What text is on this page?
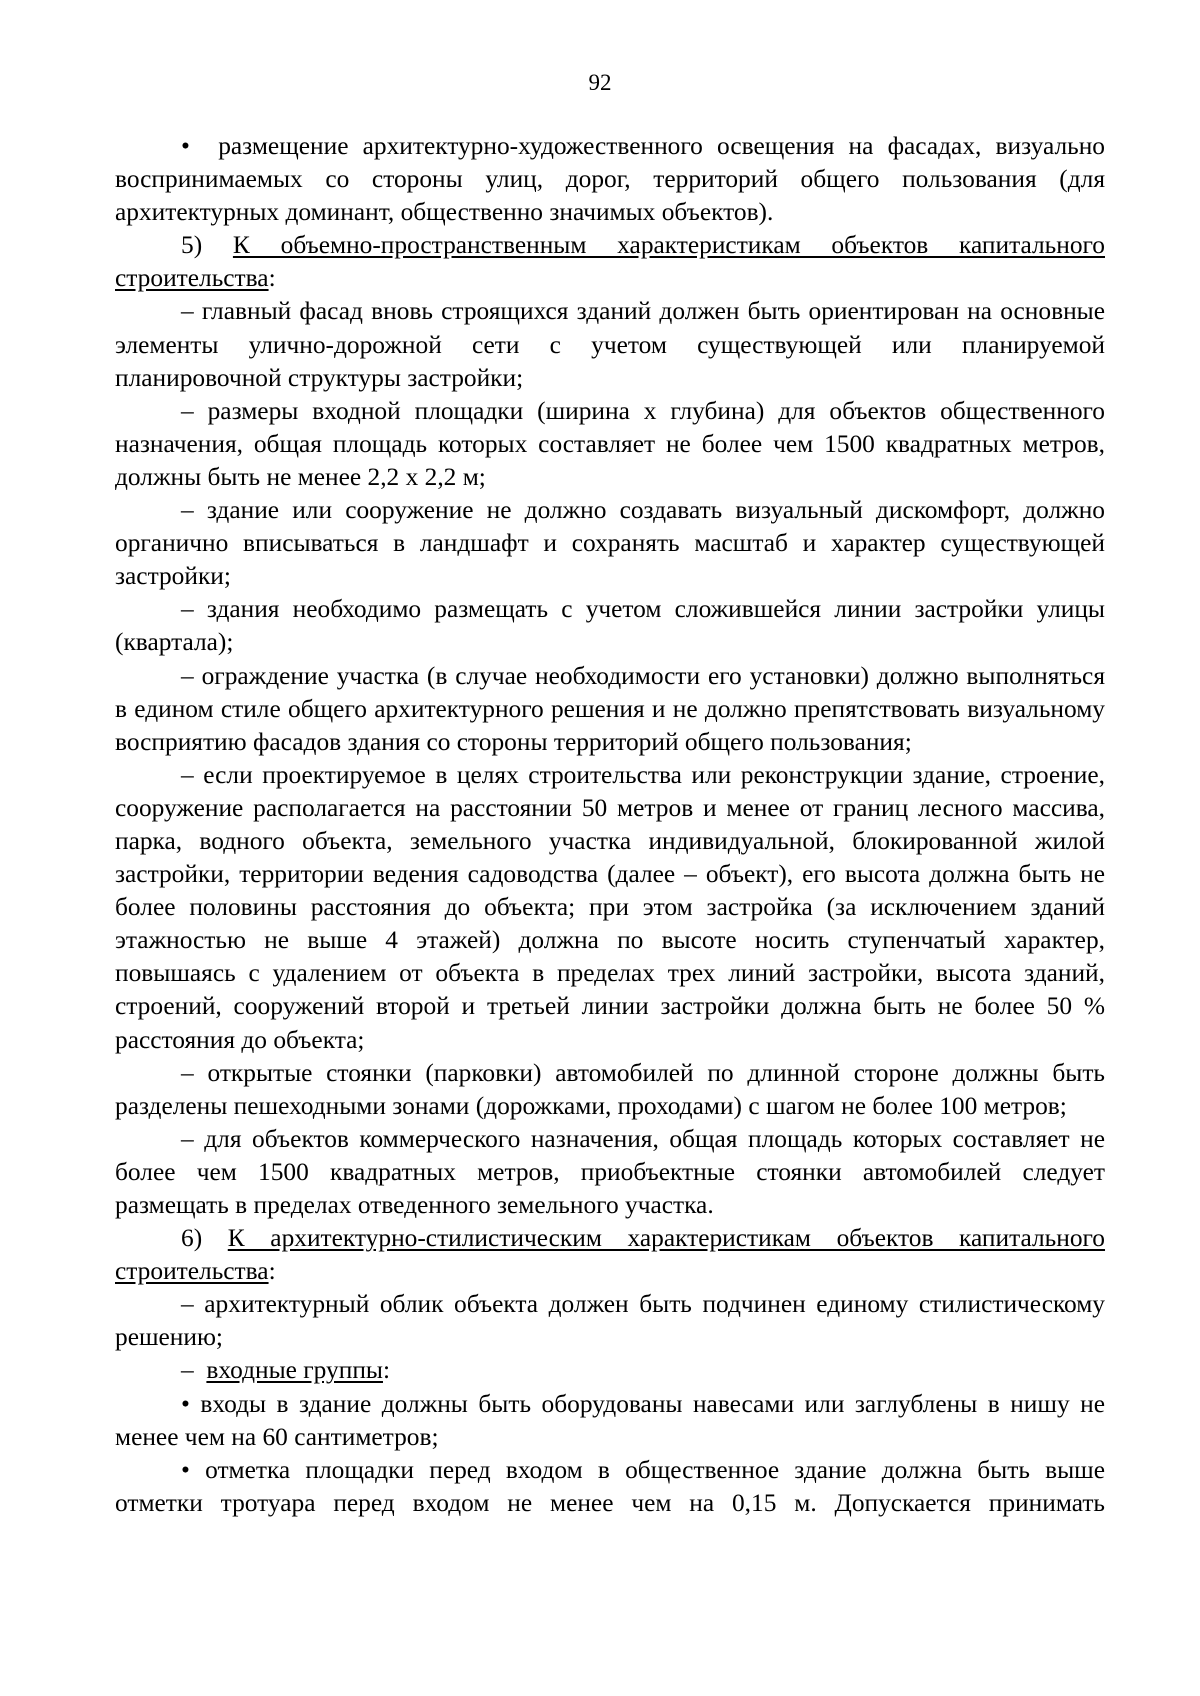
92

• размещение архитектурно-художественного освещения на фасадах, визуально воспринимаемых со стороны улиц, дорог, территорий общего пользования (для архитектурных доминант, общественно значимых объектов).

5) К объемно-пространственным характеристикам объектов капитального строительства:

– главный фасад вновь строящихся зданий должен быть ориентирован на основные элементы улично-дорожной сети с учетом существующей или планируемой планировочной структуры застройки;

– размеры входной площадки (ширина х глубина) для объектов общественного назначения, общая площадь которых составляет не более чем 1500 квадратных метров, должны быть не менее 2,2 х 2,2 м;

– здание или сооружение не должно создавать визуальный дискомфорт, должно органично вписываться в ландшафт и сохранять масштаб и характер существующей застройки;

– здания необходимо размещать с учетом сложившейся линии застройки улицы (квартала);

– ограждение участка (в случае необходимости его установки) должно выполняться в едином стиле общего архитектурного решения и не должно препятствовать визуальному восприятию фасадов здания со стороны территорий общего пользования;

– если проектируемое в целях строительства или реконструкции здание, строение, сооружение располагается на расстоянии 50 метров и менее от границ лесного массива, парка, водного объекта, земельного участка индивидуальной, блокированной жилой застройки, территории ведения садоводства (далее – объект), его высота должна быть не более половины расстояния до объекта; при этом застройка (за исключением зданий этажностью не выше 4 этажей) должна по высоте носить ступенчатый характер, повышаясь с удалением от объекта в пределах трех линий застройки, высота зданий, строений, сооружений второй и третьей линии застройки должна быть не более 50 % расстояния до объекта;

– открытые стоянки (парковки) автомобилей по длинной стороне должны быть разделены пешеходными зонами (дорожками, проходами) с шагом не более 100 метров;

– для объектов коммерческого назначения, общая площадь которых составляет не более чем 1500 квадратных метров, приобъектные стоянки автомобилей следует размещать в пределах отведенного земельного участка.

6) К архитектурно-стилистическим характеристикам объектов капитального строительства:

– архитектурный облик объекта должен быть подчинен единому стилистическому решению;

– входные группы:

• входы в здание должны быть оборудованы навесами или заглублены в нишу не менее чем на 60 сантиметров;

• отметка площадки перед входом в общественное здание должна быть выше отметки тротуара перед входом не менее чем на 0,15 м. Допускается принимать
